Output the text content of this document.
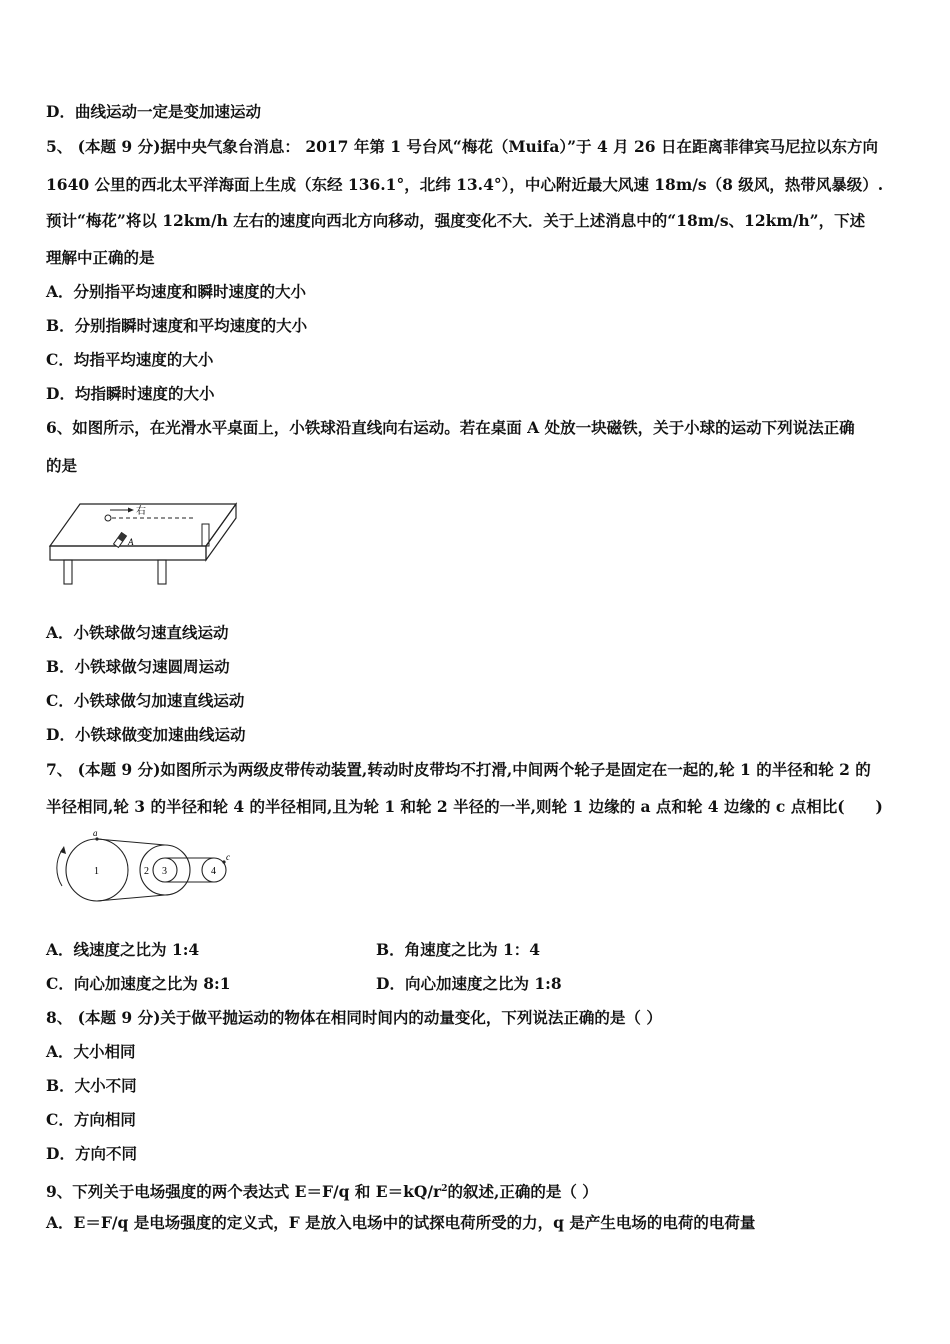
D．曲线运动一定是变加速运动
5、 (本题 9 分)据中央气象台消息： 2017 年第 1 号台风“梅花（Muifa）”于 4 月 26 日在距离菲律宾马尼拉以东方向
1640 公里的西北太平洋海面上生成（东经 136.1°，北纬 13.4°），中心附近最大风速 18m/s（8 级风，热带风暴级）.
预计“梅花”将以 12km/h 左右的速度向西北方向移动，强度变化不大．关于上述消息中的“18m/s、12km/h”，下述
理解中正确的是
A．分别指平均速度和瞬时速度的大小
B．分别指瞬时速度和平均速度的大小
C．均指平均速度的大小
D．均指瞬时速度的大小
6、如图所示，在光滑水平桌面上，小铁球沿直线向右运动。若在桌面 A 处放一块磁铁，关于小球的运动下列说法正确
的是
右
A
A．小铁球做匀速直线运动
B．小铁球做匀速圆周运动
C．小铁球做匀加速直线运动
D．小铁球做变加速曲线运动
7、 (本题 9 分)如图所示为两级皮带传动装置,转动时皮带均不打滑,中间两个轮子是固定在一起的,轮 1 的半径和轮 2 的
半径相同,轮 3 的半径和轮 4 的半径相同,且为轮 1 和轮 2 半径的一半,则轮 1 边缘的 a 点和轮 4 边缘的 c 点相比(　　)
a
c
1	2 3	4
A．线速度之比为 1:4	B．角速度之比为 1：4
C．向心加速度之比为 8:1	D．向心加速度之比为 1:8
8、 (本题 9 分)关于做平抛运动的物体在相同时间内的动量变化，下列说法正确的是（ ）
A．大小相同
B．大小不同
C．方向相同
D．方向不同
9、下列关于电场强度的两个表达式 E＝F/q 和 $E=kQ/r^2$的叙述,正确的是（ ）
A．E＝F/q 是电场强度的定义式，F 是放入电场中的试探电荷所受的力，q 是产生电场的电荷的电荷量
